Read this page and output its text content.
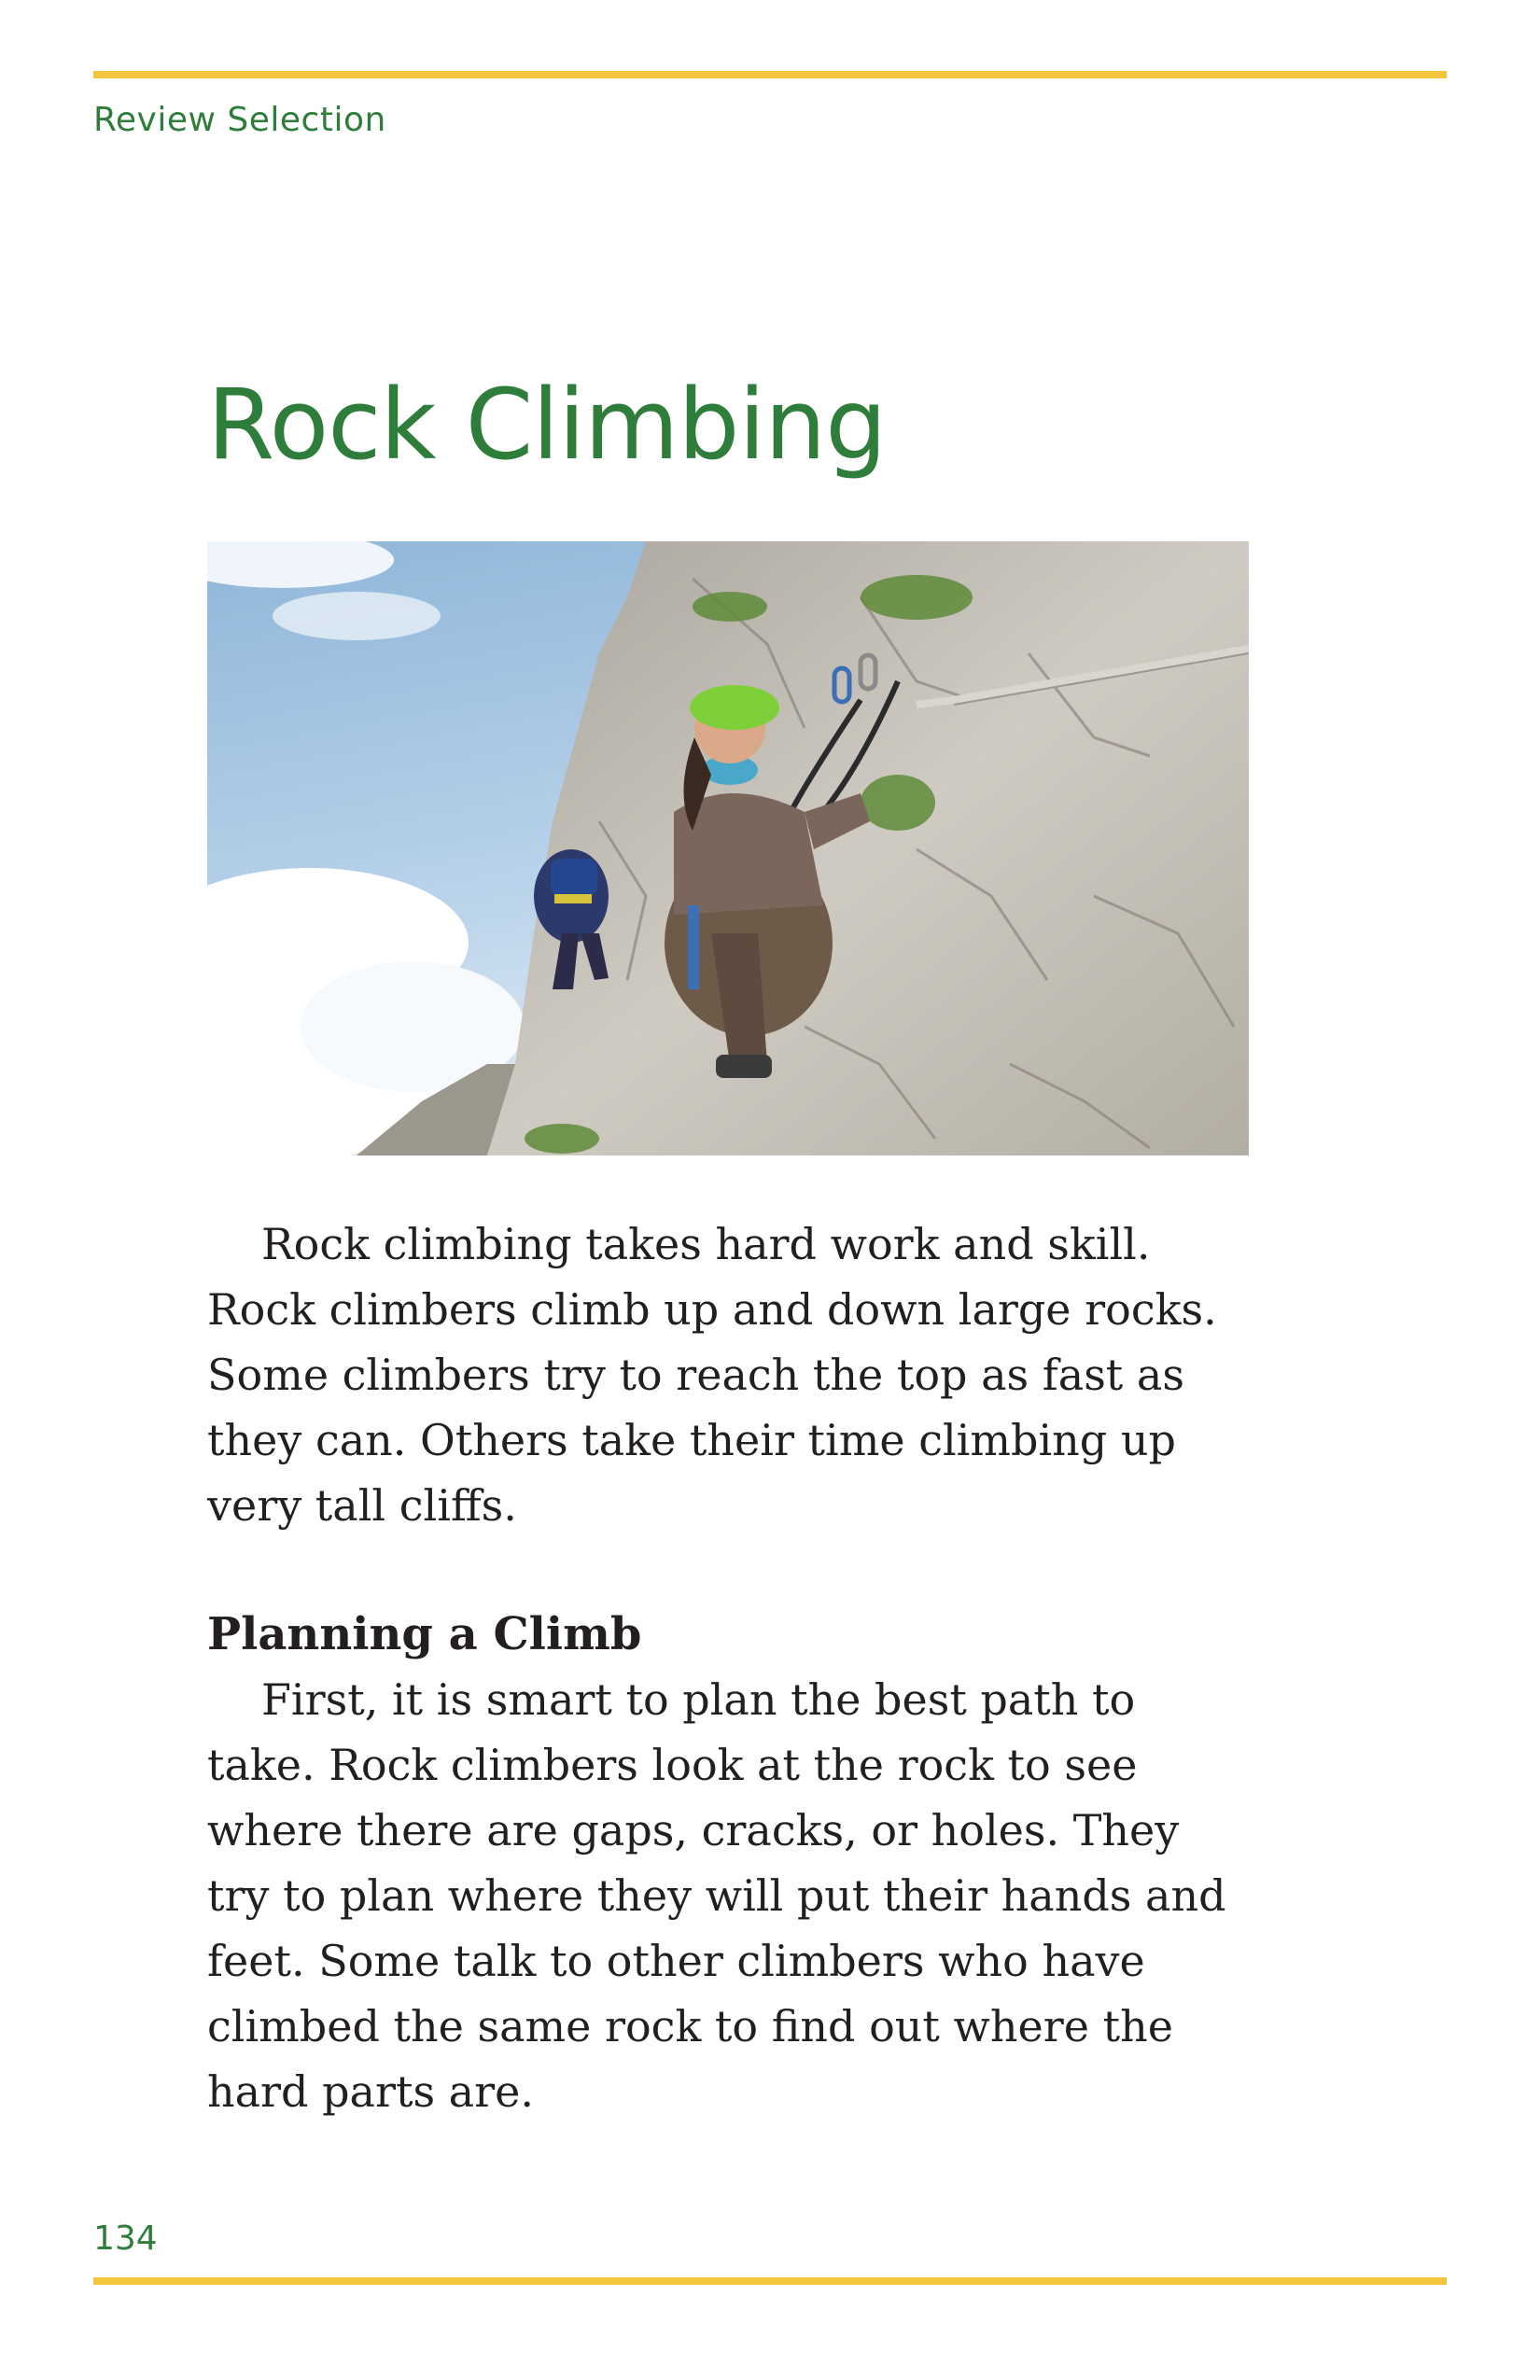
Review Selection
Rock Climbing

Rock climbing takes hard work and skill. Rock climbers climb up and down large rocks. Some climbers try to reach the top as fast as they can. Others take their time climbing up very tall cliffs.

Planning a Climb

First, it is smart to plan the best path to take. Rock climbers look at the rock to see where there are gaps, cracks, or holes. They try to plan where they will put their hands and feet. Some talk to other climbers who have climbed the same rock to find out where the hard parts are.

134
